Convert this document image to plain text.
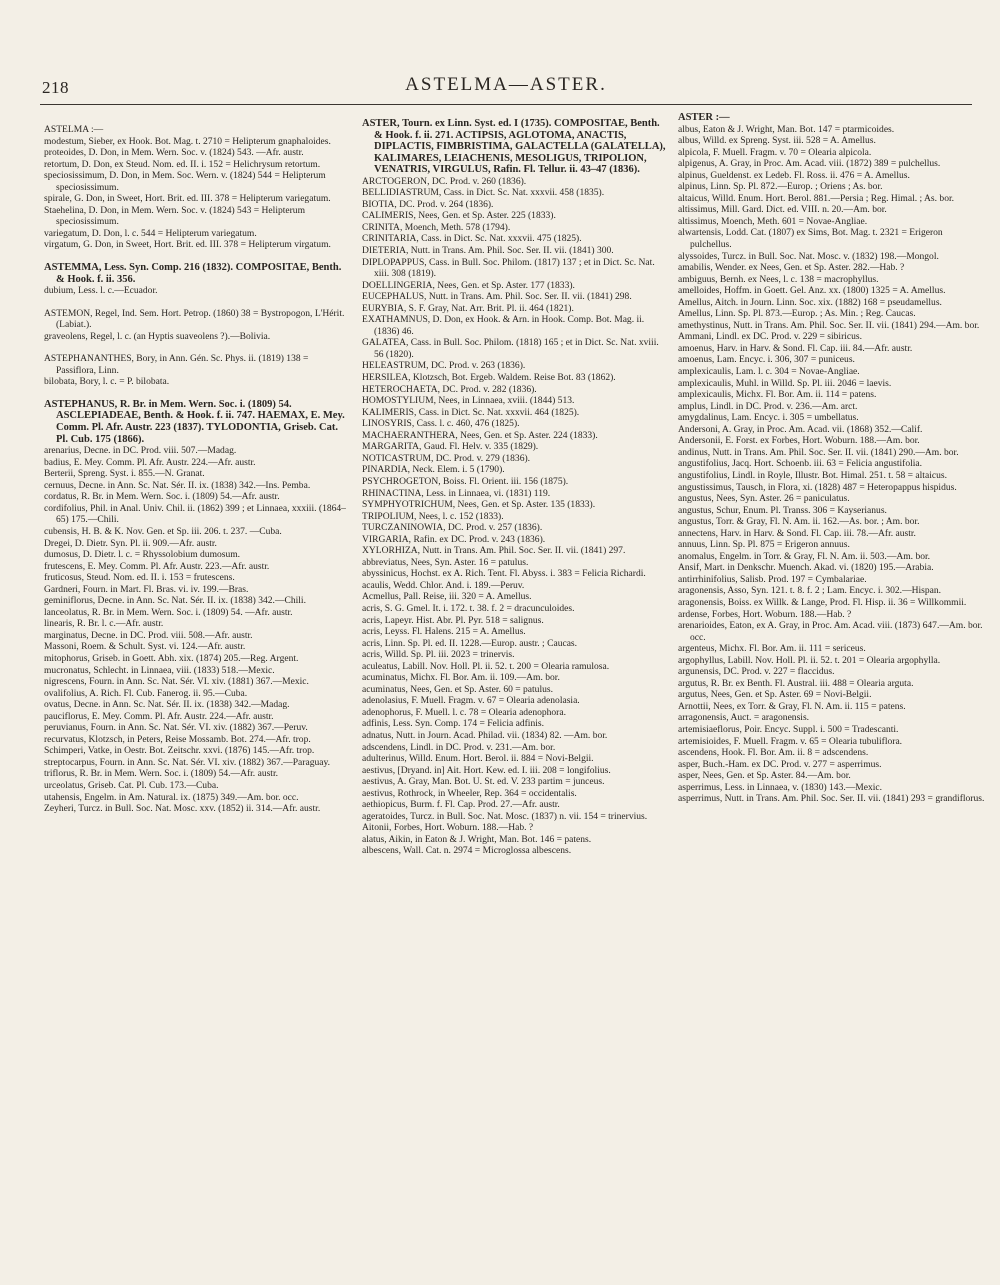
218	ASTELMA—ASTER.
ASTELMA :—
modestum, Sieber, ex Hook. Bot. Mag. t. 2710 = Helipterum gnaphaloides.
proteoides, D. Don, in Mem. Wern. Soc. v. (1824) 543. —Afr. austr.
retortum, D. Don, ex Steud. Nom. ed. II. i. 152 = Helichrysum retortum.
speciosissimum, D. Don, in Mem. Soc. Wern. v. (1824) 544 = Helipterum speciosissimum.
spirale, G. Don, in Sweet, Hort. Brit. ed. III. 378 = Helipterum variegatum.
Staehelina, D. Don, in Mem. Wern. Soc. v. (1824) 543 = Helipterum speciosissimum.
variegatum, D. Don, l. c. 544 = Helipterum variegatum.
virgatum, G. Don, in Sweet, Hort. Brit. ed. III. 378 = Helipterum virgatum.
ASTEMMA, Less. Syn. Comp. 216 (1832). COMPOSITAE, Benth. & Hook. f. ii. 356.
dubium, Less. l. c.—Ecuador.
ASTEMON, Regel, Ind. Sem. Hort. Petrop. (1860) 38 = Bystropogon, L'Hérit. (Labiat.).
graveolens, Regel, l. c. (an Hyptis suaveolens ?).—Bolivia.
ASTEPHANANTHES, Bory, in Ann. Gén. Sc. Phys. ii. (1819) 138 = Passiflora, Linn.
bilobata, Bory, l. c. = P. bilobata.
ASTEPHANUS, R. Br. in Mem. Wern. Soc. i. (1809) 54. ASCLEPIADEAE, Benth. & Hook. f. ii. 747. HAEMAX, E. Mey. Comm. Pl. Afr. Austr. 223 (1837). TYLODONTIA, Griseb. Cat. Pl. Cub. 175 (1866).
arenarius, Decne. in DC. Prod. viii. 507.—Madag.
badius, E. Mey. Comm. Pl. Afr. Austr. 224.—Afr. austr.
Berterii, Spreng. Syst. i. 855.—N. Granat.
cernuus, Decne. in Ann. Sc. Nat. Sér. II. ix. (1838) 342.—Ins. Pemba.
cordatus, R. Br. in Mem. Wern. Soc. i. (1809) 54.—Afr. austr.
cordifolius, Phil. in Anal. Univ. Chil. ii. (1862) 399 ; et Linnaea, xxxiii. (1864–65) 175.—Chili.
cubensis, H. B. & K. Nov. Gen. et Sp. iii. 206. t. 237. —Cuba.
Dregei, D. Dietr. Syn. Pl. ii. 909.—Afr. austr.
dumosus, D. Dietr. l. c. = Rhyssolobium dumosum.
frutescens, E. Mey. Comm. Pl. Afr. Austr. 223.—Afr. austr.
fruticosus, Steud. Nom. ed. II. i. 153 = frutescens.
Gardneri, Fourn. in Mart. Fl. Bras. vi. iv. 199.—Bras.
geminiflorus, Decne. in Ann. Sc. Nat. Sér. II. ix. (1838) 342.—Chili.
lanceolatus, R. Br. in Mem. Wern. Soc. i. (1809) 54. —Afr. austr.
linearis, R. Br. l. c.—Afr. austr.
marginatus, Decne. in DC. Prod. viii. 508.—Afr. austr.
Massoni, Roem. & Schult. Syst. vi. 124.—Afr. austr.
mitophorus, Griseb. in Goett. Abh. xix. (1874) 205.—Reg. Argent.
mucronatus, Schlecht. in Linnaea, viii. (1833) 518.—Mexic.
nigrescens, Fourn. in Ann. Sc. Nat. Sér. VI. xiv. (1881) 367.—Mexic.
ovalifolius, A. Rich. Fl. Cub. Fanerog. ii. 95.—Cuba.
ovatus, Decne. in Ann. Sc. Nat. Sér. II. ix. (1838) 342.—Madag.
pauciflorus, E. Mey. Comm. Pl. Afr. Austr. 224.—Afr. austr.
peruvianus, Fourn. in Ann. Sc. Nat. Sér. VI. xiv. (1882) 367.—Peruv.
recurvatus, Klotzsch, in Peters, Reise Mossamb. Bot. 274.—Afr. trop.
Schimperi, Vatke, in Oestr. Bot. Zeitschr. xxvi. (1876) 145.—Afr. trop.
streptocarpus, Fourn. in Ann. Sc. Nat. Sér. VI. xiv. (1882) 367.—Paraguay.
triflorus, R. Br. in Mem. Wern. Soc. i. (1809) 54.—Afr. austr.
urceolatus, Griseb. Cat. Pl. Cub. 173.—Cuba.
utahensis, Engelm. in Am. Natural. ix. (1875) 349.—Am. bor. occ.
Zeyheri, Turcz. in Bull. Soc. Nat. Mosc. xxv. (1852) ii. 314.—Afr. austr.
ASTER, Tourn. ex Linn. Syst. ed. I (1735). COMPOSITAE, Benth. & Hook. f. ii. 271. ACTIPSIS, AGLOTOMA, ANACTIS, DIPLACTIS, FIMBRISTIMA, GALACTELLA (GALATELLA), KALIMARES, LEIACHENIS, MESOLIGUS, TRIPOLION, VENATRIS, VIRGULUS, Rafin. Fl. Tellur. ii. 43–47 (1836).
ARCTOGERON, DC. Prod. v. 260 (1836).
BELLIDIASTRUM, Cass. in Dict. Sc. Nat. xxxvii. 458 (1835).
BIOTIA, DC. Prod. v. 264 (1836).
CALIMERIS, Nees, Gen. et Sp. Aster. 225 (1833).
CRINITA, Moench, Meth. 578 (1794).
CRINITARIA, Cass. in Dict. Sc. Nat. xxxvii. 475 (1825).
DIETERIA, Nutt. in Trans. Am. Phil. Soc. Ser. II. vii. (1841) 300.
DIPLOPAPPUS, Cass. in Bull. Soc. Philom. (1817) 137 ; et in Dict. Sc. Nat. xiii. 308 (1819).
DOELLINGERIA, Nees, Gen. et Sp. Aster. 177 (1833).
EUCEPHALUS, Nutt. in Trans. Am. Phil. Soc. Ser. II. vii. (1841) 298.
EURYBIA, S. F. Gray, Nat. Arr. Brit. Pl. ii. 464 (1821).
EXATHAMNUS, D. Don, ex Hook. & Arn. in Hook. Comp. Bot. Mag. ii. (1836) 46.
GALATEA, Cass. in Bull. Soc. Philom. (1818) 165 ; et in Dict. Sc. Nat. xviii. 56 (1820).
HELEASTRUM, DC. Prod. v. 263 (1836).
HERSILEA, Klotzsch, Bot. Ergeb. Waldem. Reise Bot. 83 (1862).
HETEROCHAETA, DC. Prod. v. 282 (1836).
HOMOSTYLIUM, Nees, in Linnaea, xviii. (1844) 513.
KALIMERIS, Cass. in Dict. Sc. Nat. xxxvii. 464 (1825).
LINOSYRIS, Cass. l. c. 460, 476 (1825).
MACHAERANTHERA, Nees, Gen. et Sp. Aster. 224 (1833).
MARGARITA, Gaud. Fl. Helv. v. 335 (1829).
NOTICASTRUM, DC. Prod. v. 279 (1836).
PINARDIA, Neck. Elem. i. 5 (1790).
PSYCHROGETON, Boiss. Fl. Orient. iii. 156 (1875).
RHINACTINA, Less. in Linnaea, vi. (1831) 119.
SYMPHYOTRICHUM, Nees, Gen. et Sp. Aster. 135 (1833).
TRIPOLIUM, Nees, l. c. 152 (1833).
TURCZANINOWIA, DC. Prod. v. 257 (1836).
VIRGARIA, Rafin. ex DC. Prod. v. 243 (1836).
XYLORHIZA, Nutt. in Trans. Am. Phil. Soc. Ser. II. vii. (1841) 297.
abbreviatus, Nees, Syn. Aster. 16 = patulus.
abyssinicus, Hochst. ex A. Rich. Tent. Fl. Abyss. i. 383 = Felicia Richardi.
acaulis, Wedd. Chlor. And. i. 189.—Peruv.
Acmellus, Pall. Reise, iii. 320 = A. Amellus.
acris, S. G. Gmel. It. i. 172. t. 38. f. 2 = dracunculoides.
acris, Lapeyr. Hist. Abr. Pl. Pyr. 518 = salignus.
acris, Leyss. Fl. Halens. 215 = A. Amellus.
acris, Linn. Sp. Pl. ed. II. 1228.—Europ. austr. ; Caucas.
acris, Willd. Sp. Pl. iii. 2023 = trinervis.
aculeatus, Labill. Nov. Holl. Pl. ii. 52. t. 200 = Olearia ramulosa.
acuminatus, Michx. Fl. Bor. Am. ii. 109.—Am. bor.
acuminatus, Nees, Gen. et Sp. Aster. 60 = patulus.
adenolasius, F. Muell. Fragm. v. 67 = Olearia adenolasia.
adenophorus, F. Muell. l. c. 78 = Olearia adenophora.
adfinis, Less. Syn. Comp. 174 = Felicia adfinis.
adnatus, Nutt. in Journ. Acad. Philad. vii. (1834) 82. —Am. bor.
adscendens, Lindl. in DC. Prod. v. 231.—Am. bor.
adulterinus, Willd. Enum. Hort. Berol. ii. 884 = Novi-Belgii.
aestivus, [Dryand. in] Ait. Hort. Kew. ed. I. iii. 208 = longifolius.
aestivus, A. Gray, Man. Bot. U. St. ed. V. 233 partim = junceus.
aestivus, Rothrock, in Wheeler, Rep. 364 = occidentalis.
aethiopicus, Burm. f. Fl. Cap. Prod. 27.—Afr. austr.
ageratoides, Turcz. in Bull. Soc. Nat. Mosc. (1837) n. vii. 154 = trinervius.
Aitonii, Forbes, Hort. Woburn. 188.—Hab. ?
alatus, Aikin, in Eaton & J. Wright, Man. Bot. 146 = patens.
albescens, Wall. Cat. n. 2974 = Microglossa albescens.
ASTER :—
albus, Eaton & J. Wright, Man. Bot. 147 = ptarmicoides.
albus, Willd. ex Spreng. Syst. iii. 528 = A. Amellus.
alpicola, F. Muell. Fragm. v. 70 = Olearia alpicola.
alpigenus, A. Gray, in Proc. Am. Acad. viii. (1872) 389 = pulchellus.
alpinus, Gueldenst. ex Ledeb. Fl. Ross. ii. 476 = A. Amellus.
alpinus, Linn. Sp. Pl. 872.—Europ. ; Oriens ; As. bor.
altaicus, Willd. Enum. Hort. Berol. 881.—Persia ; Reg. Himal. ; As. bor.
altissimus, Mill. Gard. Dict. ed. VIII. n. 20.—Am. bor.
altissimus, Moench, Meth. 601 = Novae-Angliae.
alwartensis, Lodd. Cat. (1807) ex Sims, Bot. Mag. t. 2321 = Erigeron pulchellus.
alyssoides, Turcz. in Bull. Soc. Nat. Mosc. v. (1832) 198.—Mongol.
amabilis, Wender. ex Nees, Gen. et Sp. Aster. 282.—Hab. ?
ambiguus, Bernh. ex Nees, l. c. 138 = macrophyllus.
amelloides, Hoffm. in Goett. Gel. Anz. xx. (1800) 1325 = A. Amellus.
Amellus, Aitch. in Journ. Linn. Soc. xix. (1882) 168 = pseudamellus.
Amellus, Linn. Sp. Pl. 873.—Europ. ; As. Min. ; Reg. Caucas.
amethystinus, Nutt. in Trans. Am. Phil. Soc. Ser. II. vii. (1841) 294.—Am. bor.
Ammani, Lindl. ex DC. Prod. v. 229 = sibiricus.
amoenus, Harv. in Harv. & Sond. Fl. Cap. iii. 84.—Afr. austr.
amoenus, Lam. Encyc. i. 306, 307 = puniceus.
amplexicaulis, Lam. l. c. 304 = Novae-Angliae.
amplexicaulis, Muhl. in Willd. Sp. Pl. iii. 2046 = laevis.
amplexicaulis, Michx. Fl. Bor. Am. ii. 114 = patens.
amplus, Lindl. in DC. Prod. v. 236.—Am. arct.
amygdalinus, Lam. Encyc. i. 305 = umbellatus.
Andersoni, A. Gray, in Proc. Am. Acad. vii. (1868) 352.—Calif.
Andersonii, E. Forst. ex Forbes, Hort. Woburn. 188.—Am. bor.
andinus, Nutt. in Trans. Am. Phil. Soc. Ser. II. vii. (1841) 290.—Am. bor.
angustifolius, Jacq. Hort. Schoenb. iii. 63 = Felicia angustifolia.
angustifolius, Lindl. in Royle, Illustr. Bot. Himal. 251. t. 58 = altaicus.
angustissimus, Tausch, in Flora, xi. (1828) 487 = Heteropappus hispidus.
angustus, Nees, Syn. Aster. 26 = paniculatus.
angustus, Schur, Enum. Pl. Transs. 306 = Kayserianus.
angustus, Torr. & Gray, Fl. N. Am. ii. 162.—As. bor. ; Am. bor.
annectens, Harv. in Harv. & Sond. Fl. Cap. iii. 78.—Afr. austr.
annuus, Linn. Sp. Pl. 875 = Erigeron annuus.
anomalus, Engelm. in Torr. & Gray, Fl. N. Am. ii. 503.—Am. bor.
Ansif, Mart. in Denkschr. Muench. Akad. vi. (1820) 195.—Arabia.
antirrhinifolius, Salisb. Prod. 197 = Cymbalariae.
aragonensis, Asso, Syn. 121. t. 8. f. 2 ; Lam. Encyc. i. 302.—Hispan.
aragonensis, Boiss. ex Willk. & Lange, Prod. Fl. Hisp. ii. 36 = Willkommii.
ardense, Forbes, Hort. Woburn. 188.—Hab. ?
arenarioides, Eaton, ex A. Gray, in Proc. Am. Acad. viii. (1873) 647.—Am. bor. occ.
argenteus, Michx. Fl. Bor. Am. ii. 111 = sericeus.
argophyllus, Labill. Nov. Holl. Pl. ii. 52. t. 201 = Olearia argophylla.
argunensis, DC. Prod. v. 227 = flaccidus.
argutus, R. Br. ex Benth. Fl. Austral. iii. 488 = Olearia arguta.
argutus, Nees, Gen. et Sp. Aster. 69 = Novi-Belgii.
Arnottii, Nees, ex Torr. & Gray, Fl. N. Am. ii. 115 = patens.
arragonensis, Auct. = aragonensis.
artemisiaeflorus, Poir. Encyc. Suppl. i. 500 = Tradescanti.
artemisioides, F. Muell. Fragm. v. 65 = Olearia tubuliflora.
ascendens, Hook. Fl. Bor. Am. ii. 8 = adscendens.
asper, Buch.-Ham. ex DC. Prod. v. 277 = asperrimus.
asper, Nees, Gen. et Sp. Aster. 84.—Am. bor.
asperrimus, Less. in Linnaea, v. (1830) 143.—Mexic.
asperrimus, Nutt. in Trans. Am. Phil. Soc. Ser. II. vii. (1841) 293 = grandiflorus.
